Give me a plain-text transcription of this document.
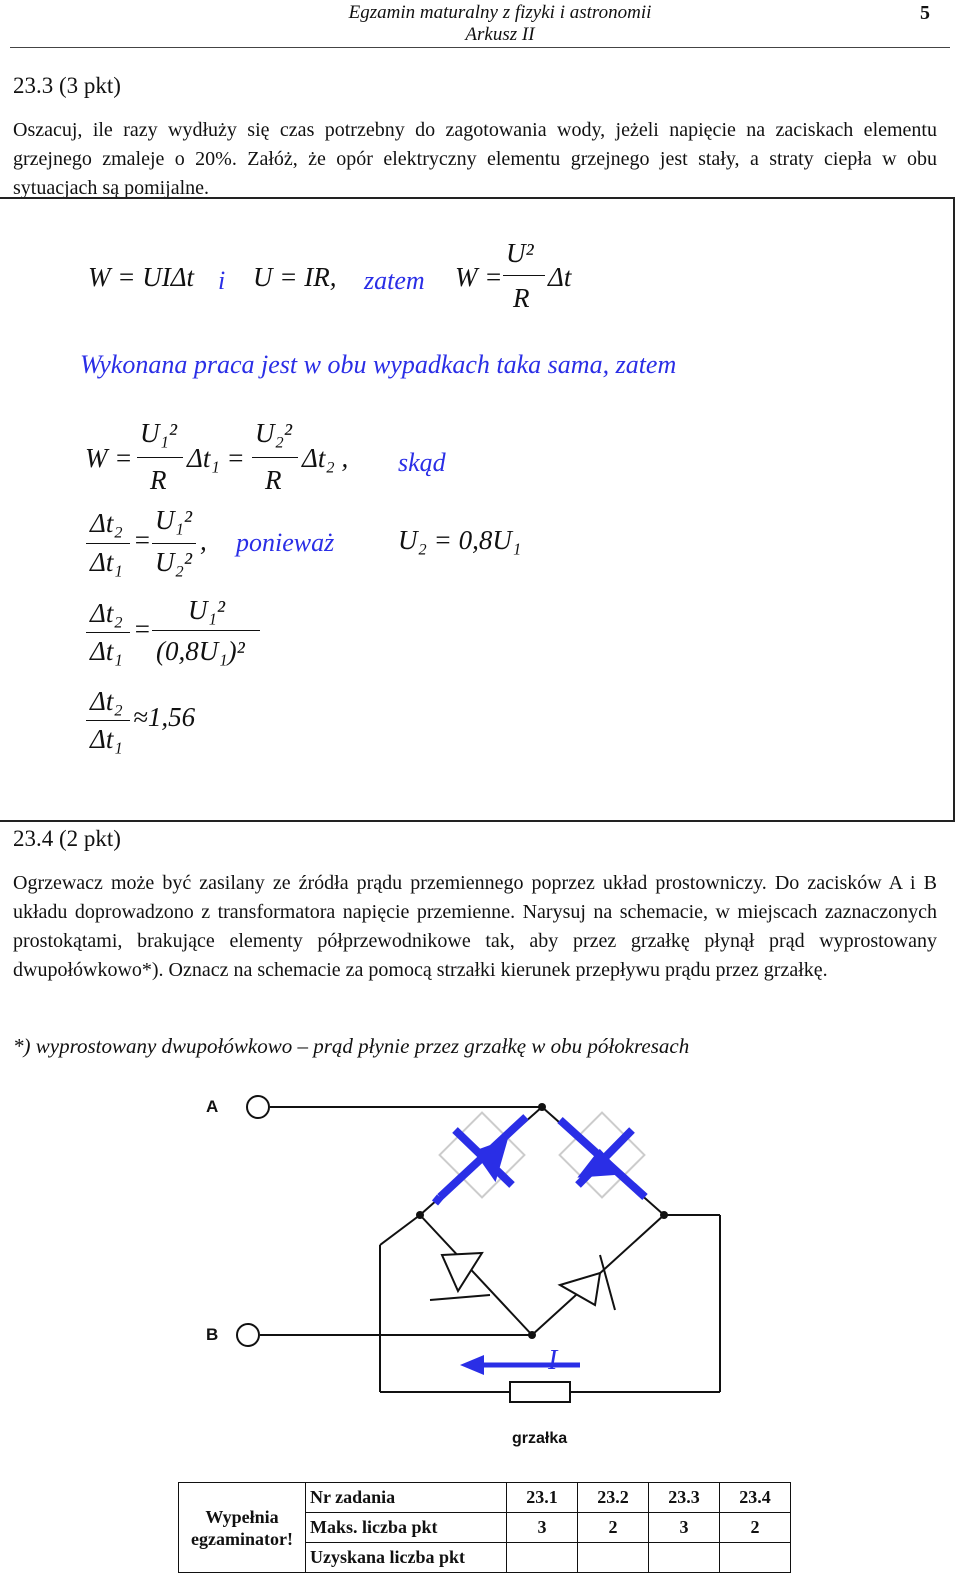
Egzamin maturalny z fizyki i astronomii
Arkusz II
5
23.3 (3 pkt)
Oszacuj, ile razy wydłuży się czas potrzebny do zagotowania wody, jeżeli napięcie na zaciskach elementu grzejnego zmaleje o 20%. Załóż, że opór elektryczny elementu grzejnego jest stały, a straty ciepła w obu sytuacjach są pomijalne.
W = UIΔt i U = IR, zatem W =
U²
R
Δt
Wykonana praca jest w obu wypadkach taka sama, zatem
W =
U₁²
R
Δt₁ =
U₂²
R
Δt₂ , skąd
Δt₂
Δt₁
=
U₁²
U₂²
, ponieważ U₂ = 0,8U₁
Δt₂
Δt₁
=
U₁²
(0,8U₁)²
Δt₂
Δt₁
≈1,56
23.4 (2 pkt)
Ogrzewacz może być zasilany ze źródła prądu przemiennego poprzez układ prostowniczy. Do zacisków A i B układu doprowadzono z transformatora napięcie przemienne. Narysuj na schemacie, w miejscach zaznaczonych prostokątami, brakujące elementy półprzewodnikowe tak, aby przez grzałkę płynął prąd wyprostowany dwupołówkowo*). Oznacz na schemacie za pomocą strzałki kierunek przepływu prądu przez grzałkę.
*) wyprostowany dwupołówkowo – prąd płynie przez grzałkę w obu półokresach
A
B
I
grzałka
Wypełnia
egzaminator!	Nr zadania	23.1	23.2	23.3	23.4
	Maks. liczba pkt	3	2	3	2
	Uzyskana liczba pkt				
